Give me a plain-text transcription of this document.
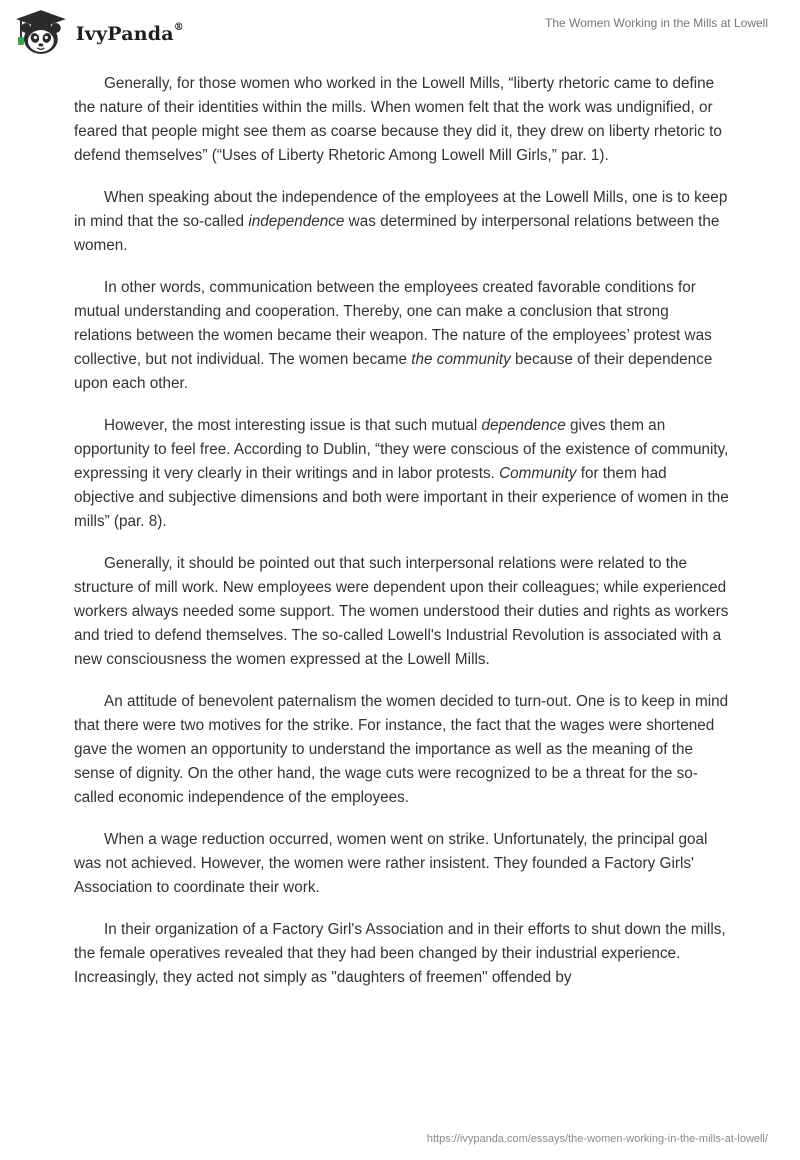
IvyPanda®	The Women Working in the Mills at Lowell

Generally, for those women who worked in the Lowell Mills, “liberty rhetoric came to define the nature of their identities within the mills. When women felt that the work was undignified, or feared that people might see them as coarse because they did it, they drew on liberty rhetoric to defend themselves” (“Uses of Liberty Rhetoric Among Lowell Mill Girls,” par. 1).

When speaking about the independence of the employees at the Lowell Mills, one is to keep in mind that the so-called independence was determined by interpersonal relations between the women.

In other words, communication between the employees created favorable conditions for mutual understanding and cooperation. Thereby, one can make a conclusion that strong relations between the women became their weapon. The nature of the employees’ protest was collective, but not individual. The women became the community because of their dependence upon each other.

However, the most interesting issue is that such mutual dependence gives them an opportunity to feel free. According to Dublin, “they were conscious of the existence of community, expressing it very clearly in their writings and in labor protests. Community for them had objective and subjective dimensions and both were important in their experience of women in the mills” (par. 8).

Generally, it should be pointed out that such interpersonal relations were related to the structure of mill work. New employees were dependent upon their colleagues; while experienced workers always needed some support. The women understood their duties and rights as workers and tried to defend themselves. The so-called Lowell's Industrial Revolution is associated with a new consciousness the women expressed at the Lowell Mills.

An attitude of benevolent paternalism the women decided to turn-out. One is to keep in mind that there were two motives for the strike. For instance, the fact that the wages were shortened gave the women an opportunity to understand the importance as well as the meaning of the sense of dignity. On the other hand, the wage cuts were recognized to be a threat for the so-called economic independence of the employees.

When a wage reduction occurred, women went on strike. Unfortunately, the principal goal was not achieved. However, the women were rather insistent. They founded a Factory Girls' Association to coordinate their work.

In their organization of a Factory Girl's Association and in their efforts to shut down the mills, the female operatives revealed that they had been changed by their industrial experience. Increasingly, they acted not simply as "daughters of freemen" offended by

https://ivypanda.com/essays/the-women-working-in-the-mills-at-lowell/
